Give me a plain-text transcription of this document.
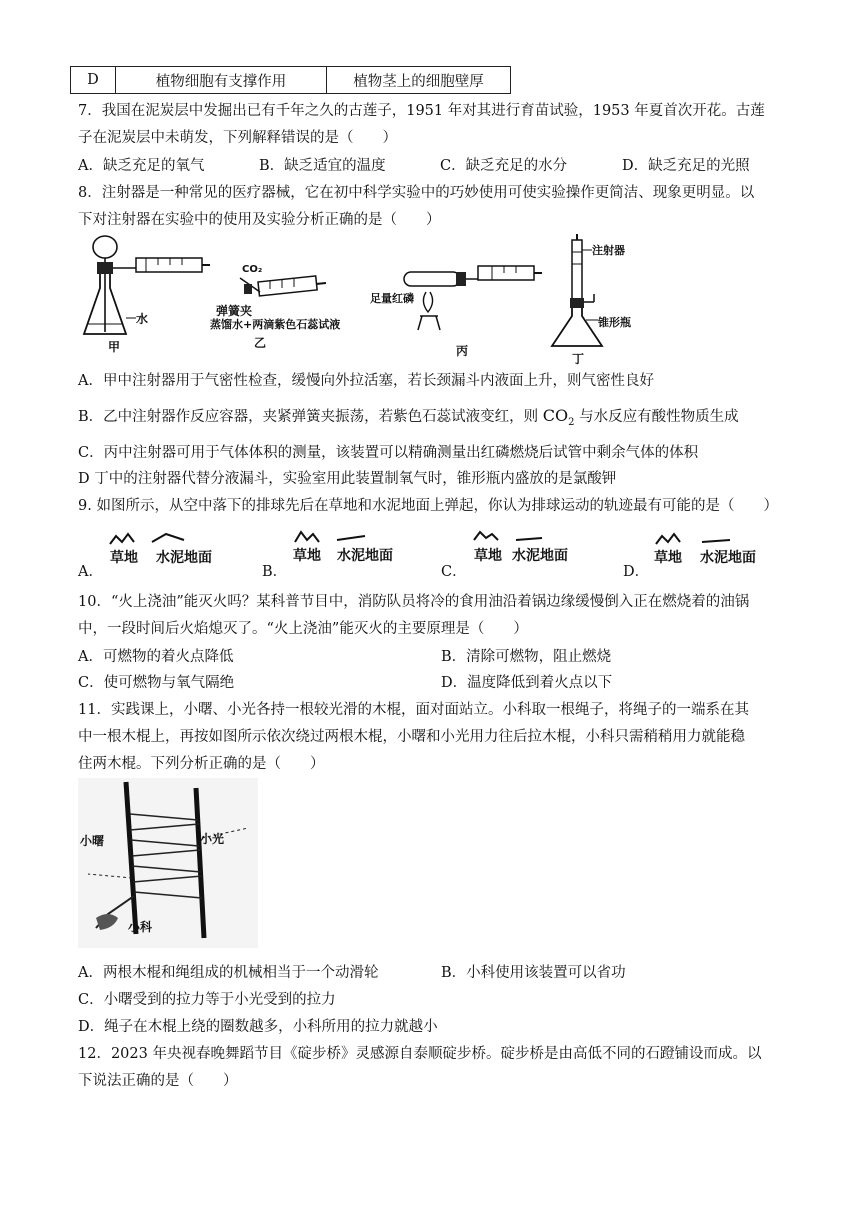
D	植物细胞有支撑作用	植物茎上的细胞壁厚
7．我国在泥炭层中发掘出已有千年之久的古莲子，1951 年对其进行育苗试验，1953 年夏首次开花。古莲
子在泥炭层中未萌发，下列解释错误的是（　　）
A．缺乏充足的氧气	B．缺乏适宜的温度	C．缺乏充足的水分	D．缺乏充足的光照
8．注射器是一种常见的医疗器械，它在初中科学实验中的巧妙使用可使实验操作更简洁、现象更明显。以
下对注射器在实验中的使用及实验分析正确的是（　　）
水
甲
CO₂
弹簧夹
蒸馏水+两滴紫色石蕊试液
乙
足量红磷
丙
注射器
锥形瓶
丁
A．甲中注射器用于气密性检查，缓慢向外拉活塞，若长颈漏斗内液面上升，则气密性良好
B．乙中注射器作反应容器，夹紧弹簧夹振荡，若紫色石蕊试液变红，则 $CO_2$ 与水反应有酸性物质生成
C．丙中注射器可用于气体体积的测量，该装置可以精确测量出红磷燃烧后试管中剩余气体的体积
D 丁中的注射器代替分液漏斗，实验室用此装置制氧气时，锥形瓶内盛放的是氯酸钾
9. 如图所示，从空中落下的排球先后在草地和水泥地面上弹起，你认为排球运动的轨迹最有可能的是（　　）
A．
草地 水泥地面
B．
草地 水泥地面
C．
草地 水泥地面
D．
草地 水泥地面
10．“火上浇油”能灭火吗？某科普节目中，消防队员将冷的食用油沿着锅边缘缓慢倒入正在燃烧着的油锅
中，一段时间后火焰熄灭了。“火上浇油”能灭火的主要原理是（　　）
A．可燃物的着火点降低	B．清除可燃物，阻止燃烧
C．使可燃物与氧气隔绝	D．温度降低到着火点以下
11．实践课上，小曙、小光各持一根较光滑的木棍，面对面站立。小科取一根绳子，将绳子的一端系在其
中一根木棍上，再按如图所示依次绕过两根木棍，小曙和小光用力往后拉木棍，小科只需稍稍用力就能稳
住两木棍。下列分析正确的是（　　）
小曙	小光
小科
A．两根木棍和绳组成的机械相当于一个动滑轮	B．小科使用该装置可以省功
C．小曙受到的拉力等于小光受到的拉力
D．绳子在木棍上绕的圈数越多，小科所用的拉力就越小
12．2023 年央视春晚舞蹈节目《碇步桥》灵感源自泰顺碇步桥。碇步桥是由高低不同的石蹬铺设而成。以
下说法正确的是（　　）
